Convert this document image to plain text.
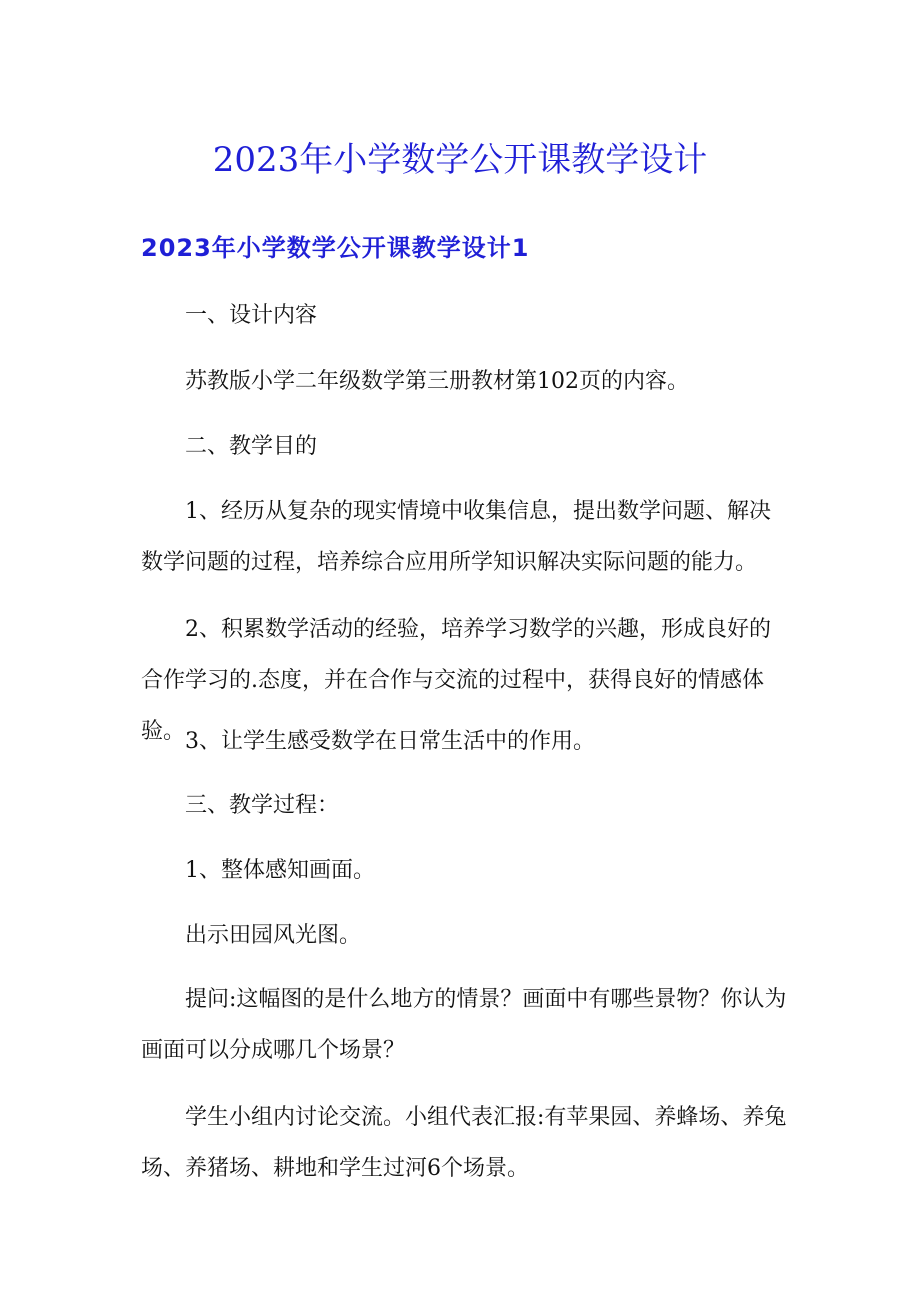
2023年小学数学公开课教学设计
2023年小学数学公开课教学设计1

一、设计内容

苏教版小学二年级数学第三册教材第102页的内容。

二、教学目的

1、经历从复杂的现实情境中收集信息，提出数学问题、解决数学问题的过程，培养综合应用所学知识解决实际问题的能力。

2、积累数学活动的经验，培养学习数学的兴趣，形成良好的合作学习的.态度，并在合作与交流的过程中，获得良好的情感体验。 3、让学生感受数学在日常生活中的作用。

三、教学过程：

1、整体感知画面。

出示田园风光图。

提问:这幅图的是什么地方的情景？画面中有哪些景物？你认为画面可以分成哪几个场景？

学生小组内讨论交流。小组代表汇报:有苹果园、养蜂场、养兔场、养猪场、耕地和学生过河6个场景。
